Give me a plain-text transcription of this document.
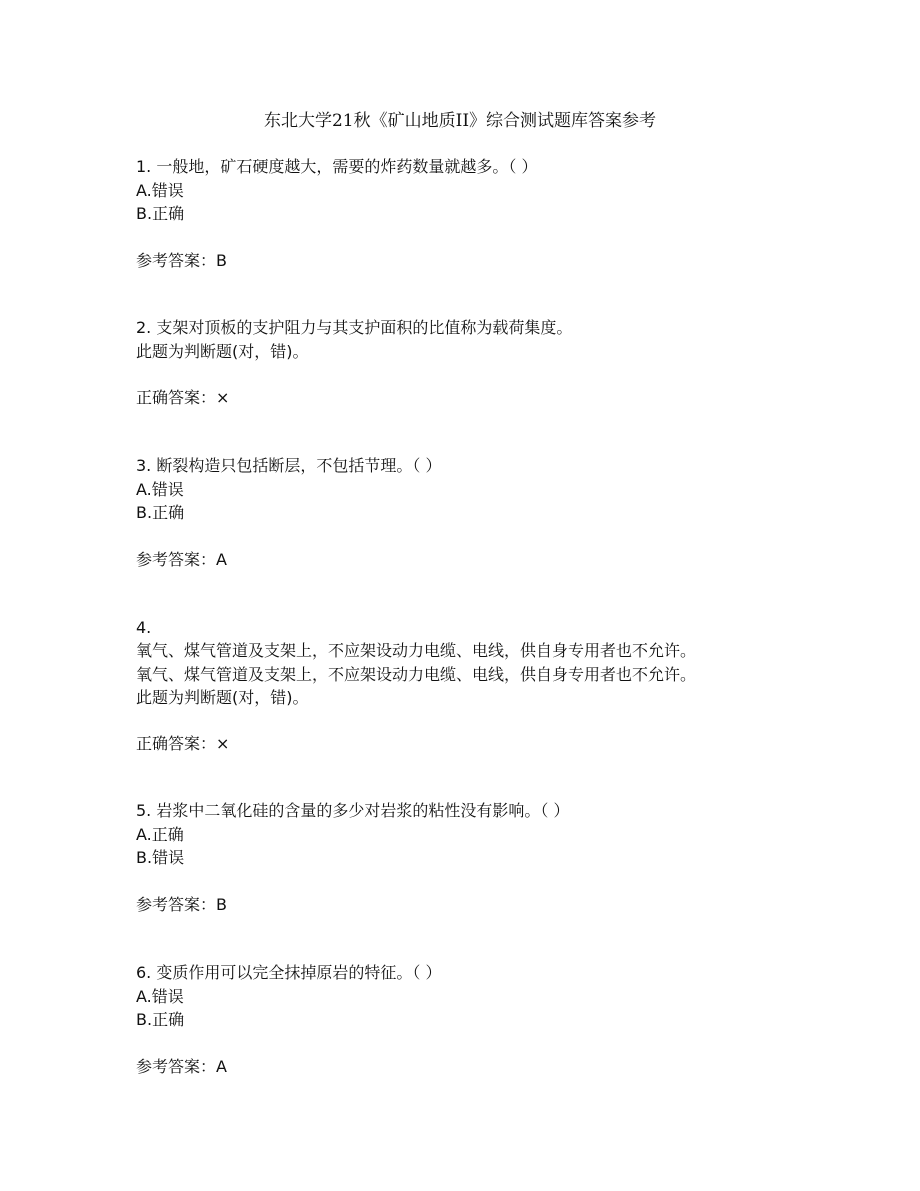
东北大学21秋《矿山地质II》综合测试题库答案参考
1. 一般地，矿石硬度越大，需要的炸药数量就越多。（ ）
A.错误
B.正确
参考答案：B
2. 支架对顶板的支护阻力与其支护面积的比值称为载荷集度。
此题为判断题(对，错)。
正确答案：×
3. 断裂构造只包括断层，不包括节理。（ ）
A.错误
B.正确
参考答案：A
4.
氧气、煤气管道及支架上，不应架设动力电缆、电线，供自身专用者也不允许。
氧气、煤气管道及支架上，不应架设动力电缆、电线，供自身专用者也不允许。
此题为判断题(对，错)。
正确答案：×
5. 岩浆中二氧化硅的含量的多少对岩浆的粘性没有影响。（ ）
A.正确
B.错误
参考答案：B
6. 变质作用可以完全抹掉原岩的特征。（ ）
A.错误
B.正确
参考答案：A
